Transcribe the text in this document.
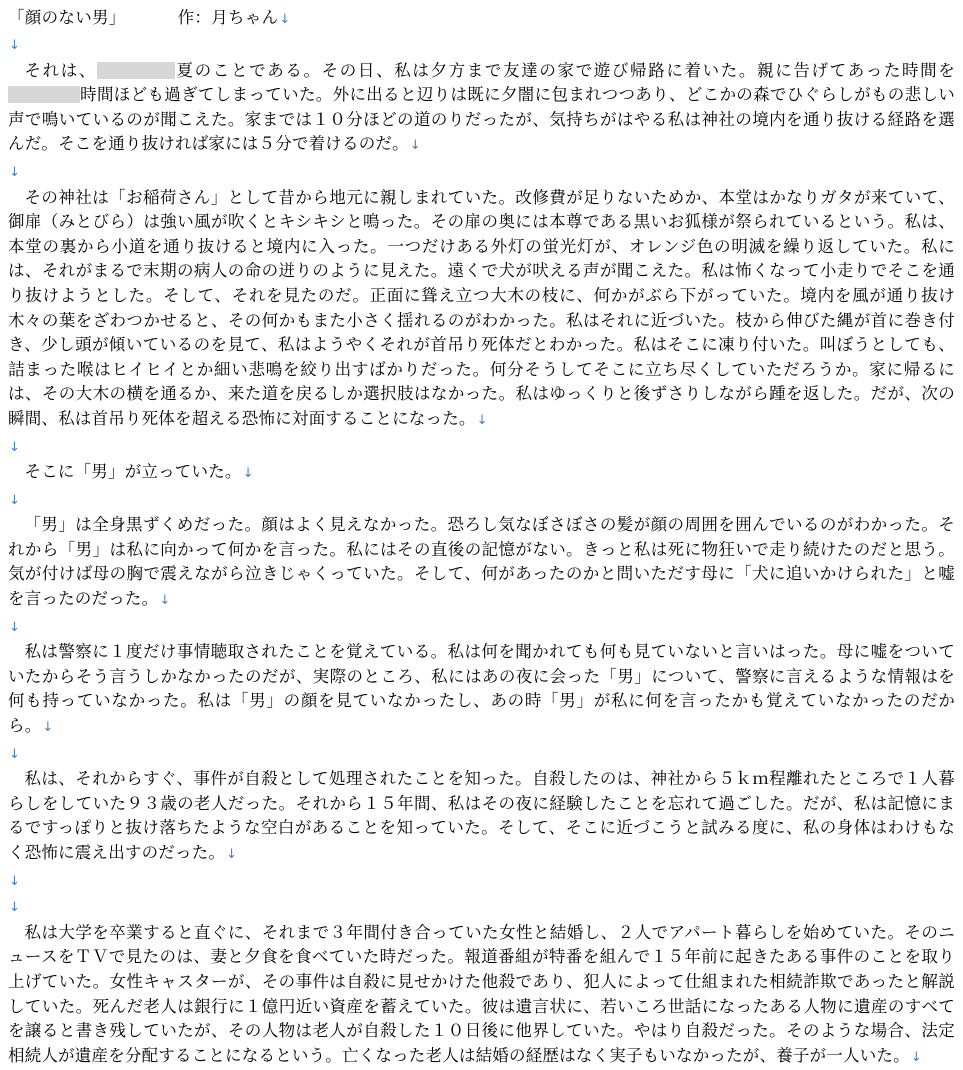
「顔のない男」	作：月ちゃん↓
↓

それは、	夏のことである。その日、私は夕方まで友達の家で遊び帰路に着いた。親に告げてあった時間を時間ほども過ぎてしまっていた。外に出ると辺りは既に夕闇に包まれつつあり、どこかの森でひぐらしがもの悲しい声で鳴いているのが聞こえた。家までは１０分ほどの道のりだったが、気持ちがはやる私は神社の境内を通り抜ける経路を選んだ。そこを通り抜ければ家には５分で着けるのだ。↓

↓

その神社は「お稲荷さん」として昔から地元に親しまれていた。改修費が足りないためか、本堂はかなりガタが来ていて、御扉（みとびら）は強い風が吹くとキシキシと鳴った。その扉の奥には本尊である黒いお狐様が祭られているという。私は、本堂の裏から小道を通り抜けると境内に入った。一つだけある外灯の蛍光灯が、オレンジ色の明滅を繰り返していた。私には、それがまるで末期の病人の命の迸りのように見えた。遠くで犬が吠える声が聞こえた。私は怖くなって小走りでそこを通り抜けようとした。そして、それを見たのだ。正面に聳え立つ大木の枝に、何かがぶら下がっていた。境内を風が通り抜け木々の葉をざわつかせると、その何かもまた小さく揺れるのがわかった。私はそれに近づいた。枝から伸びた縄が首に巻き付き、少し頭が傾いているのを見て、私はようやくそれが首吊り死体だとわかった。私はそこに凍り付いた。叫ぼうとしても、詰まった喉はヒイヒイとか細い悲鳴を絞り出すばかりだった。何分そうしてそこに立ち尽くしていただろうか。家に帰るには、その大木の横を通るか、来た道を戻るしか選択肢はなかった。私はゆっくりと後ずさりしながら踵を返した。だが、次の瞬間、私は首吊り死体を超える恐怖に対面することになった。↓

↓

そこに「男」が立っていた。↓

↓

「男」は全身黒ずくめだった。顔はよく見えなかった。恐ろし気なぼさぼさの髪が顔の周囲を囲んでいるのがわかった。それから「男」は私に向かって何かを言った。私にはその直後の記憶がない。きっと私は死に物狂いで走り続けたのだと思う。気が付けば母の胸で震えながら泣きじゃくっていた。そして、何があったのかと問いただす母に「犬に追いかけられた」と嘘を言ったのだった。↓

↓

私は警察に１度だけ事情聴取されたことを覚えている。私は何を聞かれても何も見ていないと言いはった。母に嘘をついていたからそう言うしかなかったのだが、実際のところ、私にはあの夜に会った「男」について、警察に言えるような情報はを何も持っていなかった。私は「男」の顔を見ていなかったし、あの時「男」が私に何を言ったかも覚えていなかったのだから。↓

↓

私は、それからすぐ、事件が自殺として処理されたことを知った。自殺したのは、神社から５ｋｍ程離れたところで１人暮らしをしていた９３歳の老人だった。それから１５年間、私はその夜に経験したことを忘れて過ごした。だが、私は記憶にまるですっぽりと抜け落ちたような空白があることを知っていた。そして、そこに近づこうと試みる度に、私の身体はわけもなく恐怖に震え出すのだった。↓

↓
↓

私は大学を卒業すると直ぐに、それまで３年間付き合っていた女性と結婚し、２人でアパート暮らしを始めていた。そのニュースをＴＶで見たのは、妻と夕食を食べていた時だった。報道番組が特番を組んで１５年前に起きたある事件のことを取り上げていた。女性キャスターが、その事件は自殺に見せかけた他殺であり、犯人によって仕組まれた相続詐欺であったと解説していた。死んだ老人は銀行に１億円近い資産を蓄えていた。彼は遺言状に、若いころ世話になったある人物に遺産のすべてを譲ると書き残していたが、その人物は老人が自殺した１０日後に他界していた。やはり自殺だった。そのような場合、法定相続人が遺産を分配することになるという。亡くなった老人は結婚の経歴はなく実子もいなかったが、養子が一人いた。↓
